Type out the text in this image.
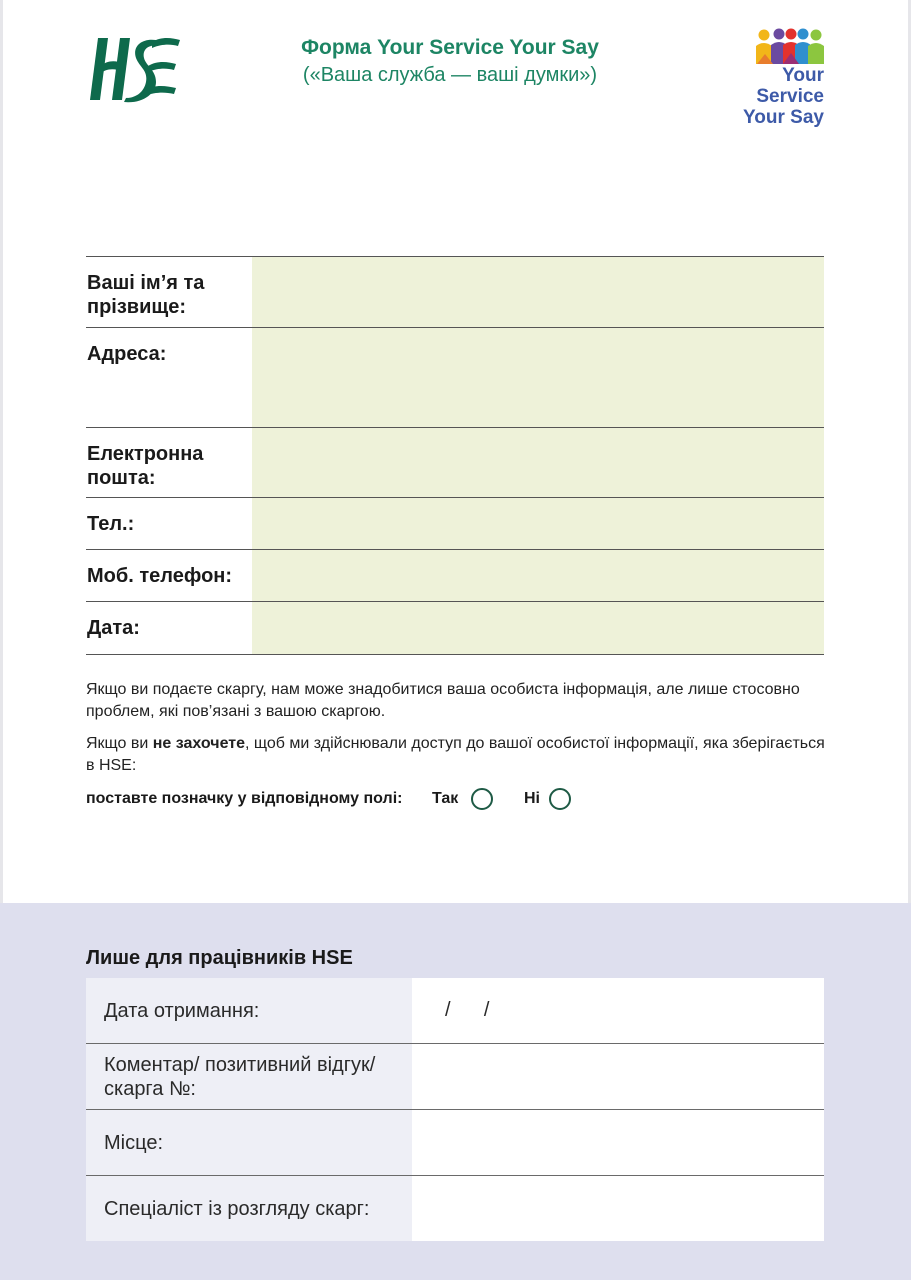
Форма Your Service Your Say
(«Ваша служба — ваші думки»)	Your Service
Your Say
Ваші ім’я та прізвище:
Адреса:
Електронна пошта:
Тел.:
Моб. телефон:
Дата:
Якщо ви подаєте скаргу, нам може знадобитися ваша особиста інформація, але лише стосовно проблем, які пов’язані з вашою скаргою.
Якщо ви не захочете, щоб ми здійснювали доступ до вашої особистої інформації, яка зберігається в HSE:
поставте позначку у відповідному полі: Так	Ні
Лише для працівників HSE
Дата отримання:	/      /
Коментар/ позитивний відгук/ скарга №:
Місце:
Спеціаліст із розгляду скарг:
